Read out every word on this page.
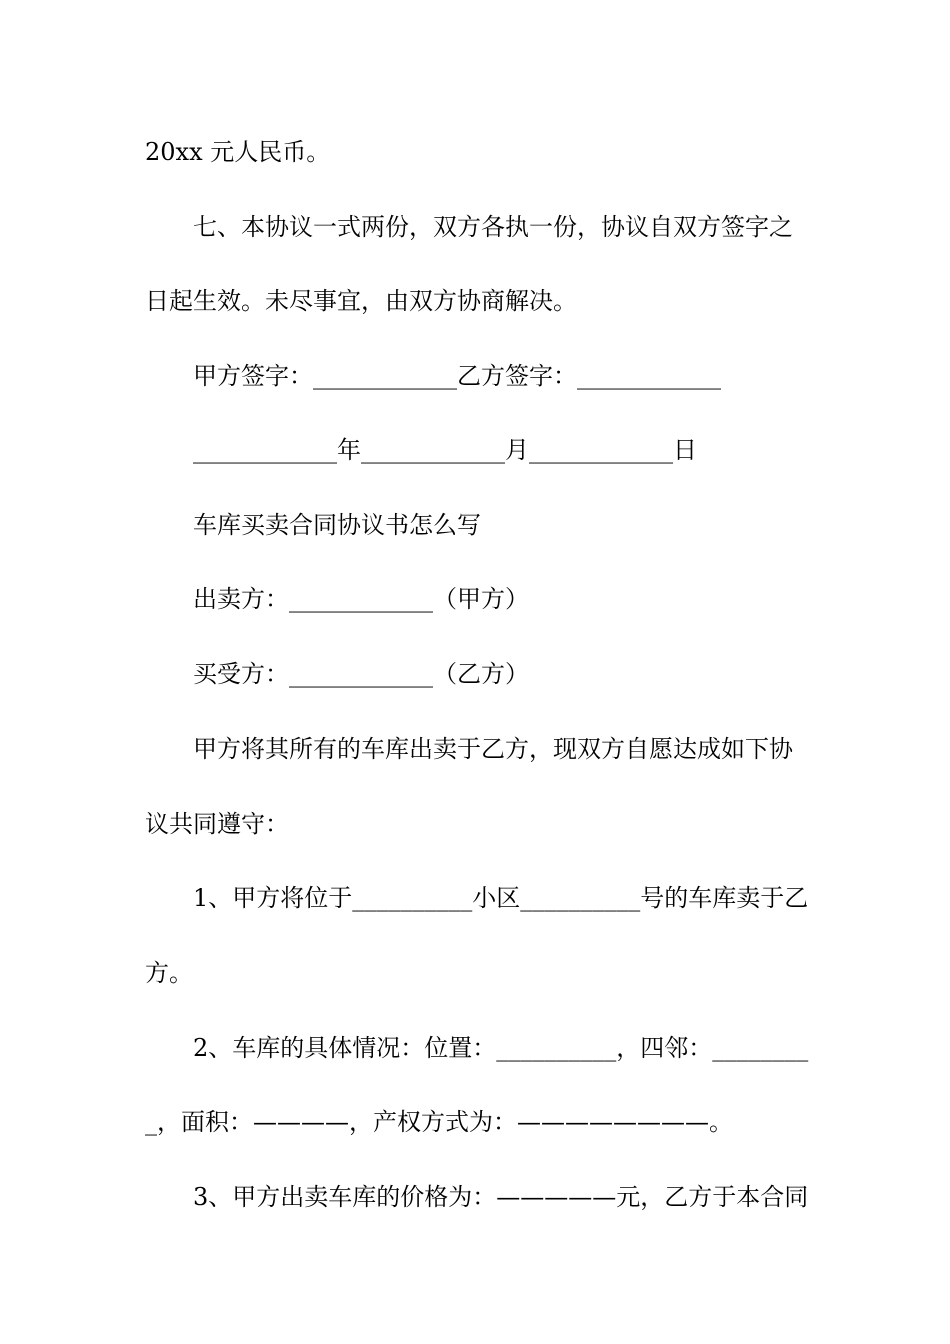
20xx 元人民币。
七、本协议一式两份，双方各执一份，协议自双方签字之
日起生效。未尽事宜，由双方协商解决。
甲方签字：____________乙方签字：____________
____________年____________月____________日
车库买卖合同协议书怎么写
出卖方：____________（甲方）
买受方：____________（乙方）
甲方将其所有的车库出卖于乙方，现双方自愿达成如下协
议共同遵守：
1、甲方将位于__________小区__________号的车库卖于乙
方。
2、车库的具体情况：位置：__________，四邻：________
_，面积：————，产权方式为：————————。
3、甲方出卖车库的价格为：—————元，乙方于本合同
